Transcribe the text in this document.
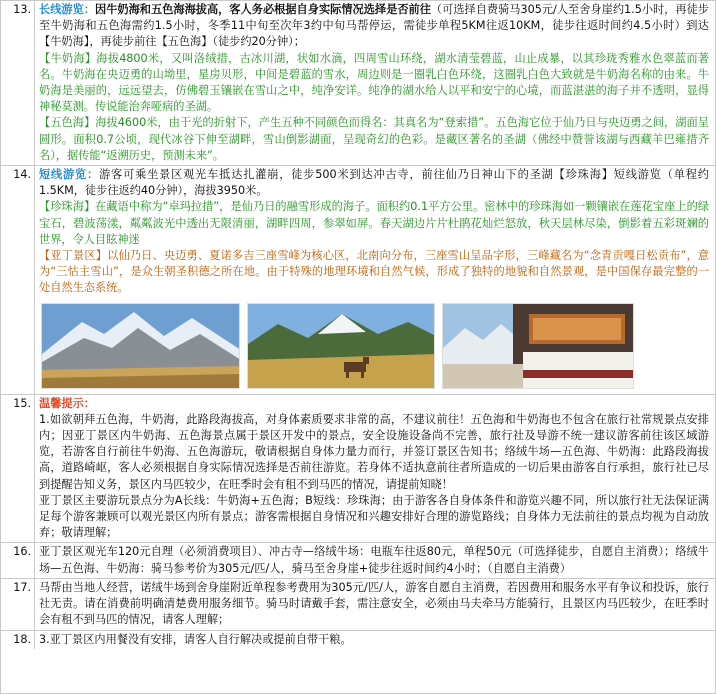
13. 长线游览：因牛奶海和五色海海拔高，客人务必根据自身实际情况选择是否前往（可选择自费骑马305元/人至舍身崖约1.5小时，再徒步至牛奶海和五色海需约1.5小时，冬季11中旬至次年3约中旬马帮停运，需徒步单程5KM往返10KM，徒步往返时间约4.5小时）到达【牛奶海】，再徒步前往【五色海】（徒步约20分钟）；

【牛奶海】海拔4800米，又叫洛绒措，古冰川湖，状如水滴，四周雪山环绕，湖水清莹碧蓝，山止成暴，以其珍珑秀雅水色翠蓝而著名。牛奶海在央迈勇的山坳里，星房贝形，中间是碧蓝的雪水，周边则是一圈乳白色环绕，这圈乳白色大致就是牛奶海名称的由来。牛奶海是美丽的，远远望去，仿佛碧玉镶嵌在雪山之中，纯净安详。纯净的湖水给人以平和安宁的心境，而蓝湛湛的海子并不透明，显得神秘莫测。传说能治奔哑病的圣湖。

【五色海】海拔4600米，由于光的折射下，产生五种不同颜色而得名：其真名为“登索措”。五色海它位于仙乃日与央迈勇之间，湖面呈圆形。面积0.7公顷，现代冰谷下伸至湖畔，雪山倒影湖面，呈现奇幻的色彩。是藏区著名的圣湖（佛经中赞誉该湖与西藏羊巴雍措齐名），据传能“返溯历史，预测未来”。

14. 短线游览：游客可乘坐景区观光车抵达扎灌崩，徒步500米到达冲古寺，前往仙乃日神山下的圣湖【珍珠海】短线游览（单程约1.5KM，徒步往返约40分钟），海拔3950米。

【珍珠海】在藏语中称为“卓玛拉措”，是仙乃日的融雪形成的海子。面积约0.1平方公里。密林中的珍珠海如一颗镶嵌在莲花宝座上的绿宝石，碧波荡漾，粼粼波光中透出无限清丽，湖畔四周，参翠如屏。春天湖边片片杜鹃花灿烂怒放，秋天层林尽染，倒影着五彩斑斓的世界，令人目眩神迷

【亚丁景区】以仙乃日、央迈勇、夏诺多吉三座雪峰为核心区，北南向分布，三座雪山呈品字形，三峰藏名为“念青贡嘎日松贡布”，意为“三怙主雪山”，是众生朝圣积德之所在地。由于特殊的地理环境和自然气候，形成了独特的地貌和自然景观，是中国保存最完整的一处自然生态系统。

15. 温馨提示：

1.如欲朝拜五色海，牛奶海，此路段海拔高，对身体素质要求非常的高，不建议前往！五色海和牛奶海也不包含在旅行社常规景点安排内；因亚丁景区内牛奶海、五色海景点属于景区开发中的景点，安全设施设备尚不完善，旅行社及导游不统一建议游客前往该区域游览，若游客自行前往牛奶海、五色海游玩，敬请根据自身体力量力而行，并签订景区告知书；络绒牛场—五色海、牛奶海：此路段海拔高，道路崎岖，客人必须根据自身实际情况选择是否前往游览。若身体不适执意前往者所造成的一切后果由游客自行承担，旅行社已尽到提醒告知义务，景区内马匹较少，在旺季时会有租不到马匹的情况，请提前知晓！

亚丁景区主要游玩景点分为A长线：牛奶海+五色海；B短线：珍珠海；由于游客各自身体条件和游览兴趣不同，所以旅行社无法保证满足每个游客兼顾可以观光景区内所有景点；游客需根据自身情况和兴趣安排好合理的游览路线；自身体力无法前往的景点均视为自动放弃；敬请理解；

16. 亚丁景区观光车120元自理（必须消费项目）、冲古寺—络绒牛场：电瓶车往返80元，单程50元（可选择徒步，自愿自主消费）；络绒牛场—五色海、牛奶海：骑马参考价为305元/匹/人，骑马至舍身崖+徒步往返时间约4小时；（自愿自主消费）

17. 马帮由当地人经营，诺绒牛场到舍身崖附近单程参考费用为305元/匹/人，游客自愿自主消费，若因费用和服务水平有争议和投诉，旅行社无责。请在消费前明确清楚费用服务细节。骑马时请戴手套，需注意安全，必须由马夫牵马方能骑行，且景区内马匹较少，在旺季时会有租不到马匹的情况，请客人理解；

18. 3.亚丁景区内用餐没有安排，请客人自行解决或提前自带干粮。
